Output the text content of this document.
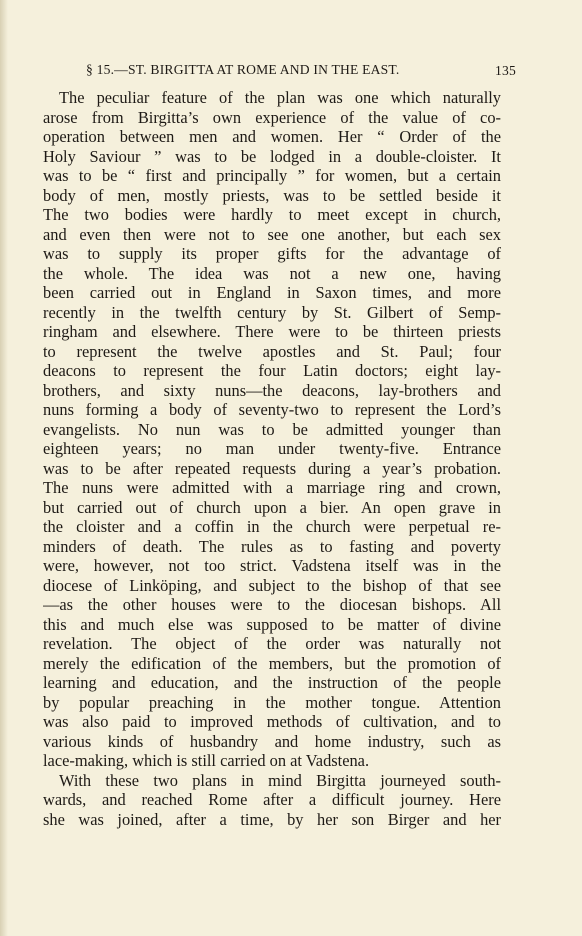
§ 15.—ST. BIRGITTA AT ROME AND IN THE EAST.	135
The peculiar feature of the plan was one which naturally
arose from Birgitta’s own experience of the value of co-
operation between men and women. Her “ Order of the
Holy Saviour ” was to be lodged in a double-cloister. It
was to be “ first and principally ” for women, but a certain
body of men, mostly priests, was to be settled beside it
The two bodies were hardly to meet except in church,
and even then were not to see one another, but each sex
was to supply its proper gifts for the advantage of
the whole. The idea was not a new one, having
been carried out in England in Saxon times, and more
recently in the twelfth century by St. Gilbert of Semp-
ringham and elsewhere. There were to be thirteen priests
to represent the twelve apostles and St. Paul; four
deacons to represent the four Latin doctors; eight lay-
brothers, and sixty nuns—the deacons, lay-brothers and
nuns forming a body of seventy-two to represent the Lord’s
evangelists. No nun was to be admitted younger than
eighteen years; no man under twenty-five. Entrance
was to be after repeated requests during a year’s probation.
The nuns were admitted with a marriage ring and crown,
but carried out of church upon a bier. An open grave in
the cloister and a coffin in the church were perpetual re-
minders of death. The rules as to fasting and poverty
were, however, not too strict. Vadstena itself was in the
diocese of Linköping, and subject to the bishop of that see
—as the other houses were to the diocesan bishops. All
this and much else was supposed to be matter of divine
revelation. The object of the order was naturally not
merely the edification of the members, but the promotion of
learning and education, and the instruction of the people
by popular preaching in the mother tongue. Attention
was also paid to improved methods of cultivation, and to
various kinds of husbandry and home industry, such as
lace-making, which is still carried on at Vadstena.
With these two plans in mind Birgitta journeyed south-
wards, and reached Rome after a difficult journey. Here
she was joined, after a time, by her son Birger and her
